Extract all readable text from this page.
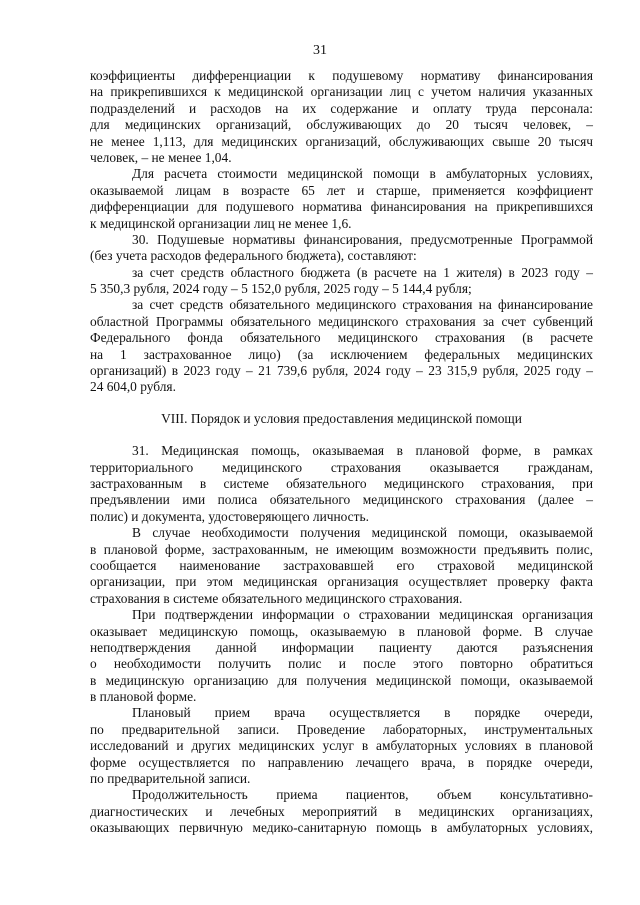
31
коэффициенты дифференциации к подушевому нормативу финансирования
на прикрепившихся к медицинской организации лиц с учетом наличия указанных
подразделений и расходов на их содержание и оплату труда персонала:
для медицинских организаций, обслуживающих до 20 тысяч человек, –
не менее 1,113, для медицинских организаций, обслуживающих свыше 20 тысяч
человек, – не менее 1,04.
Для расчета стоимости медицинской помощи в амбулаторных условиях,
оказываемой лицам в возрасте 65 лет и старше, применяется коэффициент
дифференциации для подушевого норматива финансирования на прикрепившихся
к медицинской организации лиц не менее 1,6.
30. Подушевые нормативы финансирования, предусмотренные Программой
(без учета расходов федерального бюджета), составляют:
за счет средств областного бюджета (в расчете на 1 жителя) в 2023 году –
5 350,3 рубля, 2024 году – 5 152,0 рубля, 2025 году – 5 144,4 рубля;
за счет средств обязательного медицинского страхования на финансирование
областной Программы обязательного медицинского страхования за счет субвенций
Федерального фонда обязательного медицинского страхования (в расчете
на 1 застрахованное лицо) (за исключением федеральных медицинских
организаций) в 2023 году – 21 739,6 рубля, 2024 году – 23 315,9 рубля, 2025 году –
24 604,0 рубля.
VIII. Порядок и условия предоставления медицинской помощи
31. Медицинская помощь, оказываемая в плановой форме, в рамках
территориального медицинского страхования оказывается гражданам,
застрахованным в системе обязательного медицинского страхования, при
предъявлении ими полиса обязательного медицинского страхования (далее –
полис) и документа, удостоверяющего личность.
В случае необходимости получения медицинской помощи, оказываемой
в плановой форме, застрахованным, не имеющим возможности предъявить полис,
сообщается наименование застраховавшей его страховой медицинской
организации, при этом медицинская организация осуществляет проверку факта
страхования в системе обязательного медицинского страхования.
При подтверждении информации о страховании медицинская организация
оказывает медицинскую помощь, оказываемую в плановой форме. В случае
неподтверждения данной информации пациенту даются разъяснения
о необходимости получить полис и после этого повторно обратиться
в медицинскую организацию для получения медицинской помощи, оказываемой
в плановой форме.
Плановый прием врача осуществляется в порядке очереди,
по предварительной записи. Проведение лабораторных, инструментальных
исследований и других медицинских услуг в амбулаторных условиях в плановой
форме осуществляется по направлению лечащего врача, в порядке очереди,
по предварительной записи.
Продолжительность приема пациентов, объем консультативно-
диагностических и лечебных мероприятий в медицинских организациях,
оказывающих первичную медико-санитарную помощь в амбулаторных условиях,
